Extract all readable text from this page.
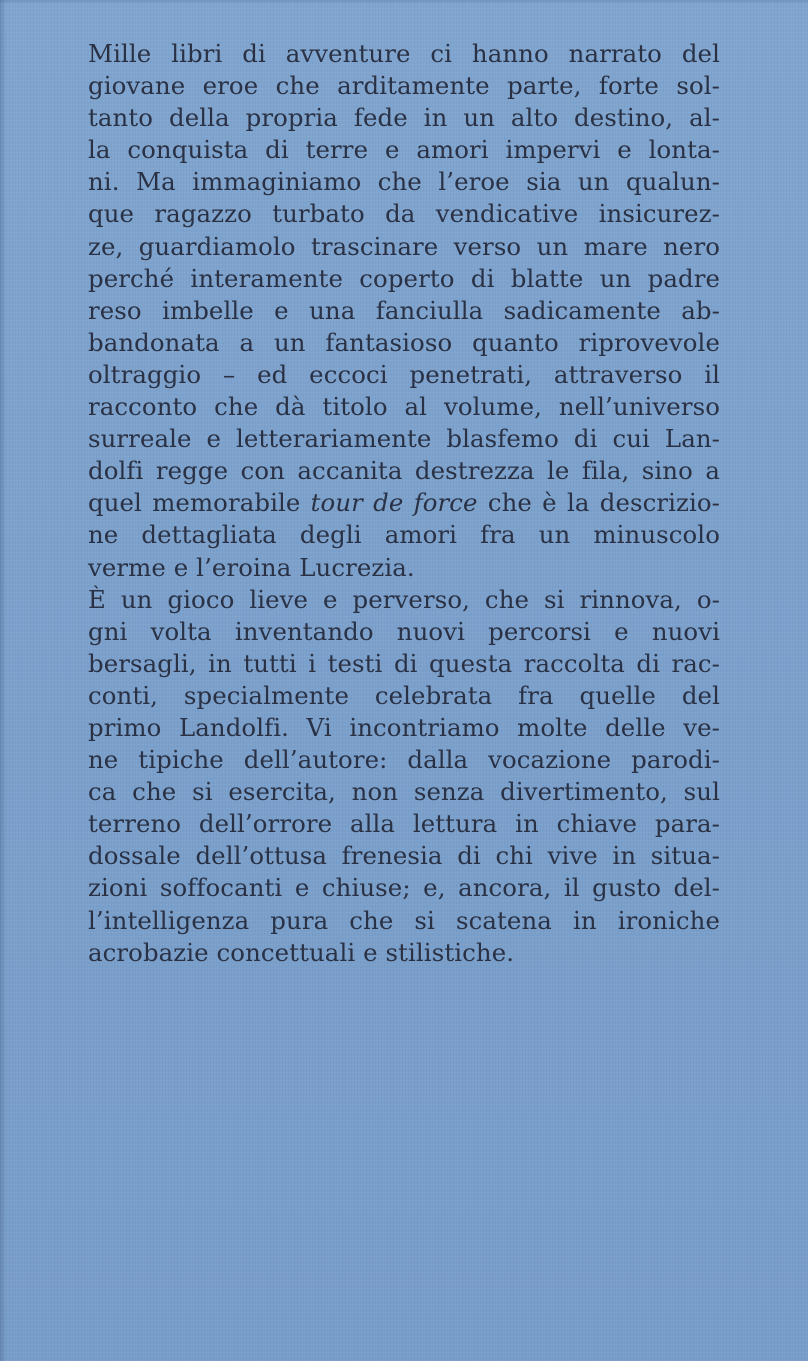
Mille libri di avventure ci hanno narrato del
giovane eroe che arditamente parte, forte sol-
tanto della propria fede in un alto destino, al-
la conquista di terre e amori impervi e lonta-
ni. Ma immaginiamo che l’eroe sia un qualun-
que ragazzo turbato da vendicative insicurez-
ze, guardiamolo trascinare verso un mare nero
perché interamente coperto di blatte un padre
reso imbelle e una fanciulla sadicamente ab-
bandonata a un fantasioso quanto riprovevole
oltraggio – ed eccoci penetrati, attraverso il
racconto che dà titolo al volume, nell’universo
surreale e letterariamente blasfemo di cui Lan-
dolfi regge con accanita destrezza le fila, sino a
quel memorabile tour de force che è la descrizio-
ne dettagliata degli amori fra un minuscolo
verme e l’eroina Lucrezia.
È un gioco lieve e perverso, che si rinnova, o-
gni volta inventando nuovi percorsi e nuovi
bersagli, in tutti i testi di questa raccolta di rac-
conti, specialmente celebrata fra quelle del
primo Landolfi. Vi incontriamo molte delle ve-
ne tipiche dell’autore: dalla vocazione parodi-
ca che si esercita, non senza divertimento, sul
terreno dell’orrore alla lettura in chiave para-
dossale dell’ottusa frenesia di chi vive in situa-
zioni soffocanti e chiuse; e, ancora, il gusto del-
l’intelligenza pura che si scatena in ironiche
acrobazie concettuali e stilistiche.
